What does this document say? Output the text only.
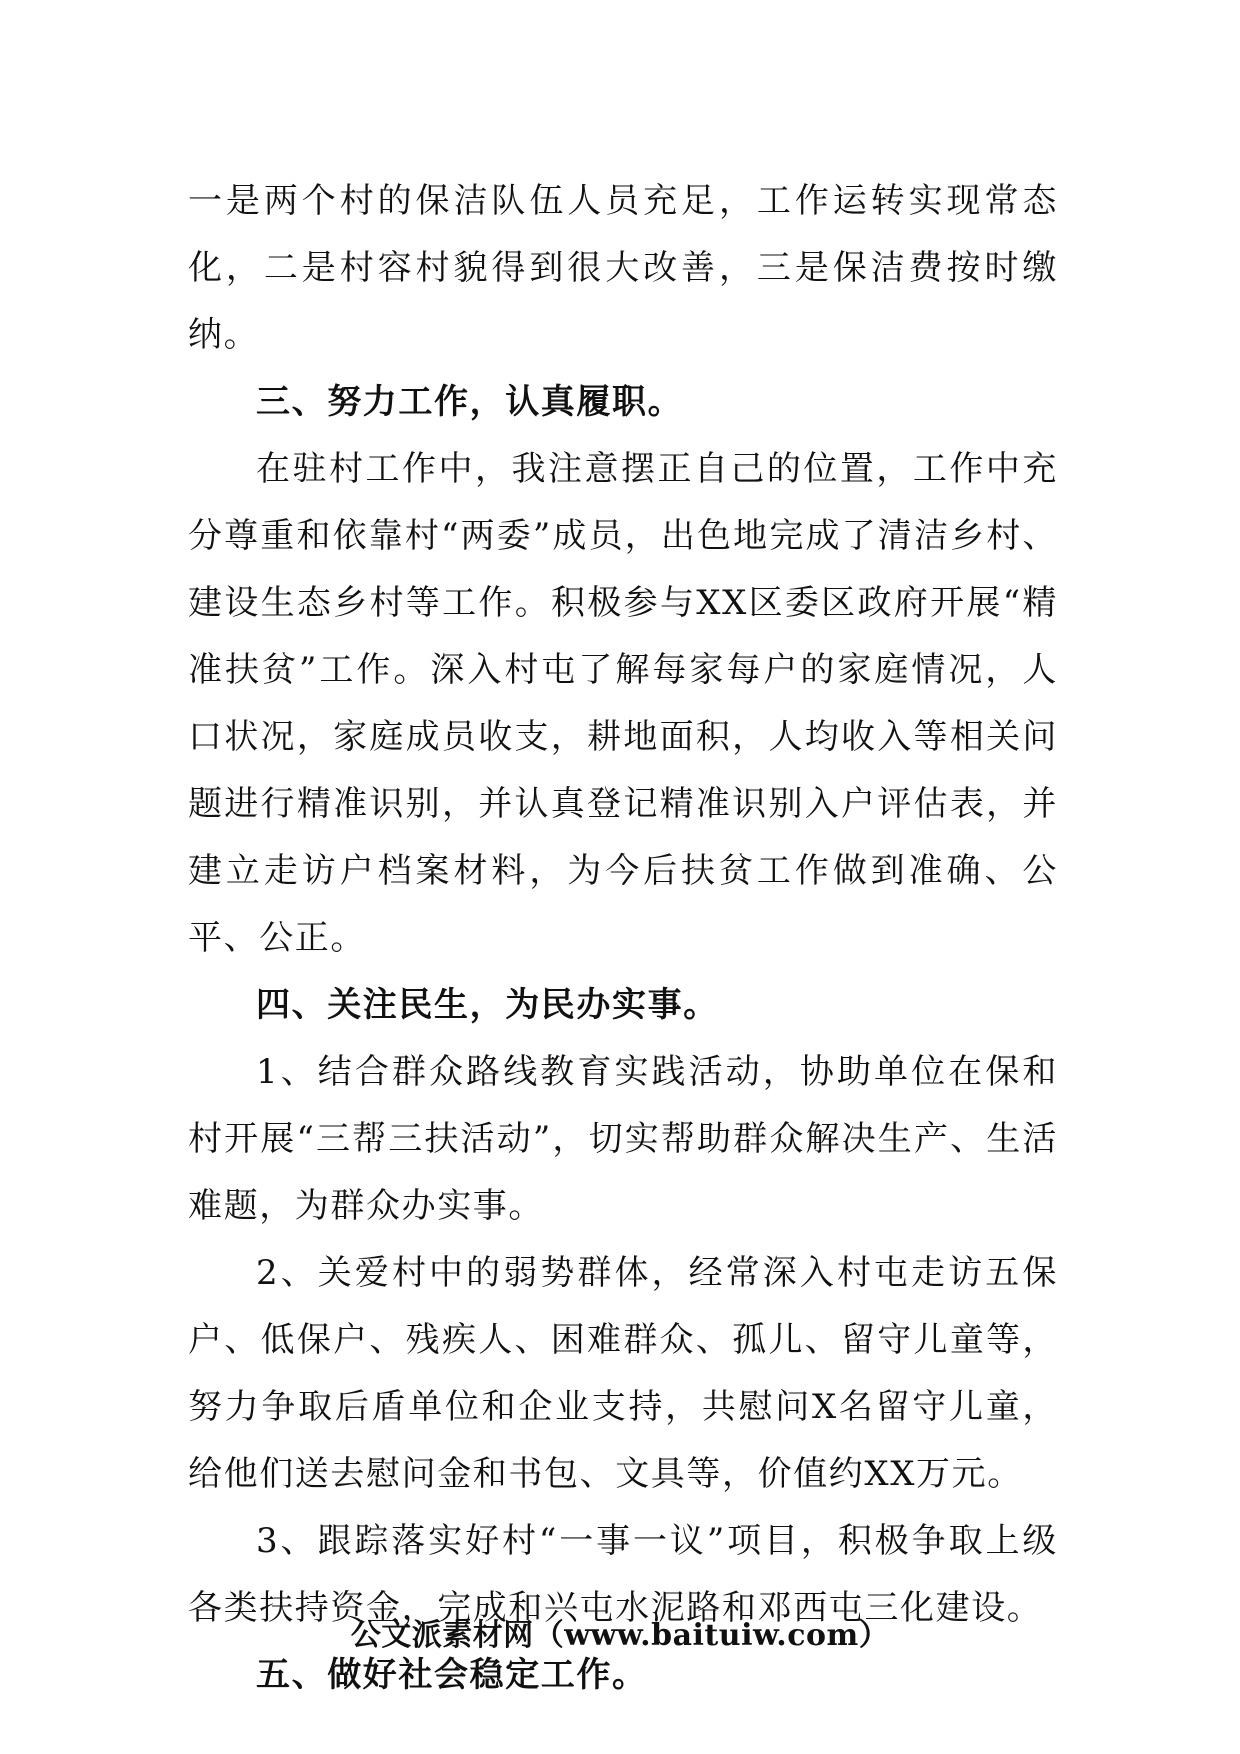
一是两个村的保洁队伍人员充足，工作运转实现常态化，二是村容村貌得到很大改善，三是保洁费按时缴纳。

三、努力工作，认真履职。

在驻村工作中，我注意摆正自己的位置，工作中充分尊重和依靠村“两委”成员，出色地完成了清洁乡村、建设生态乡村等工作。积极参与XX区委区政府开展“精准扶贫”工作。深入村屯了解每家每户的家庭情况，人口状况，家庭成员收支，耕地面积，人均收入等相关问题进行精准识别，并认真登记精准识别入户评估表，并建立走访户档案材料，为今后扶贫工作做到准确、公平、公正。

四、关注民生，为民办实事。

1、结合群众路线教育实践活动，协助单位在保和村开展“三帮三扶活动”，切实帮助群众解决生产、生活难题，为群众办实事。

2、关爱村中的弱势群体，经常深入村屯走访五保户、低保户、残疾人、困难群众、孤儿、留守儿童等，努力争取后盾单位和企业支持，共慰问X名留守儿童，给他们送去慰问金和书包、文具等，价值约XX万元。

3、跟踪落实好村“一事一议”项目，积极争取上级各类扶持资金，完成和兴屯水泥路和邓西屯三化建设。

五、做好社会稳定工作。

公文派素材网（www.baituiw.com）
